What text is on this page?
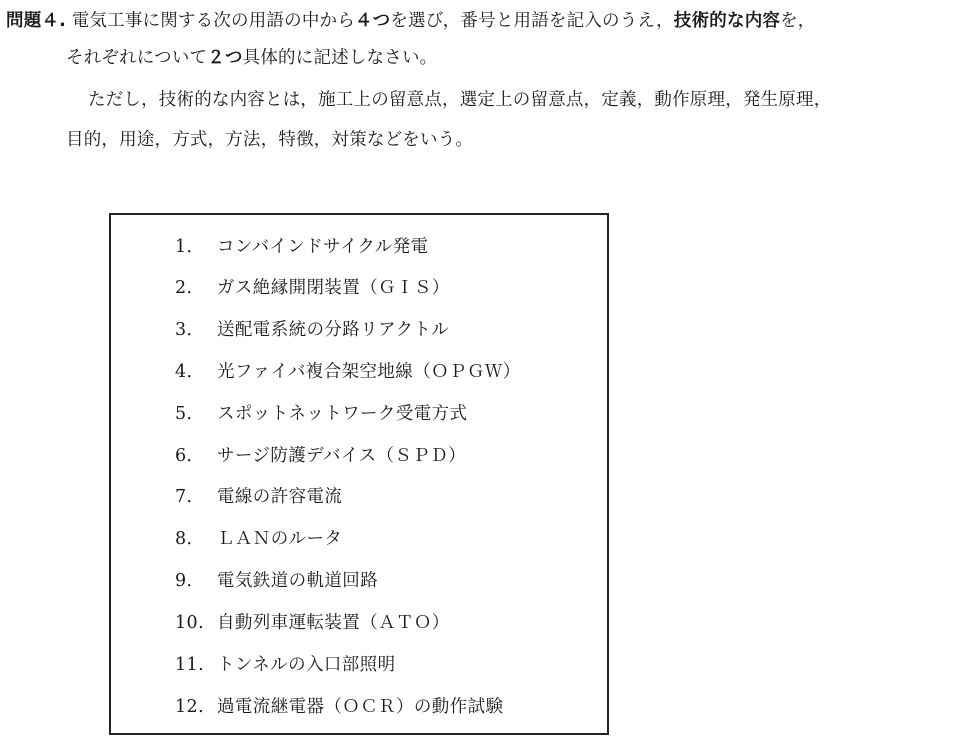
問題４. 電気工事に関する次の用語の中から４つを選び，番号と用語を記入のうえ，技術的な内容を，
それぞれについて２つ具体的に記述しなさい。
ただし，技術的な内容とは，施工上の留意点，選定上の留意点，定義，動作原理，発生原理，
目的，用途，方式，方法，特徴，対策などをいう。
1． コンバインドサイクル発電
2． ガス絶縁開閉装置（ＧＩＳ）
3． 送配電系統の分路リアクトル
4． 光ファイバ複合架空地線（ＯＰＧＷ）
5． スポットネットワーク受電方式
6． サージ防護デバイス（ＳＰＤ）
7． 電線の許容電流
8． ＬＡＮのルータ
9． 電気鉄道の軌道回路
10. 自動列車運転装置（ＡＴＯ）
11. トンネルの入口部照明
12. 過電流継電器（ＯＣＲ）の動作試験
